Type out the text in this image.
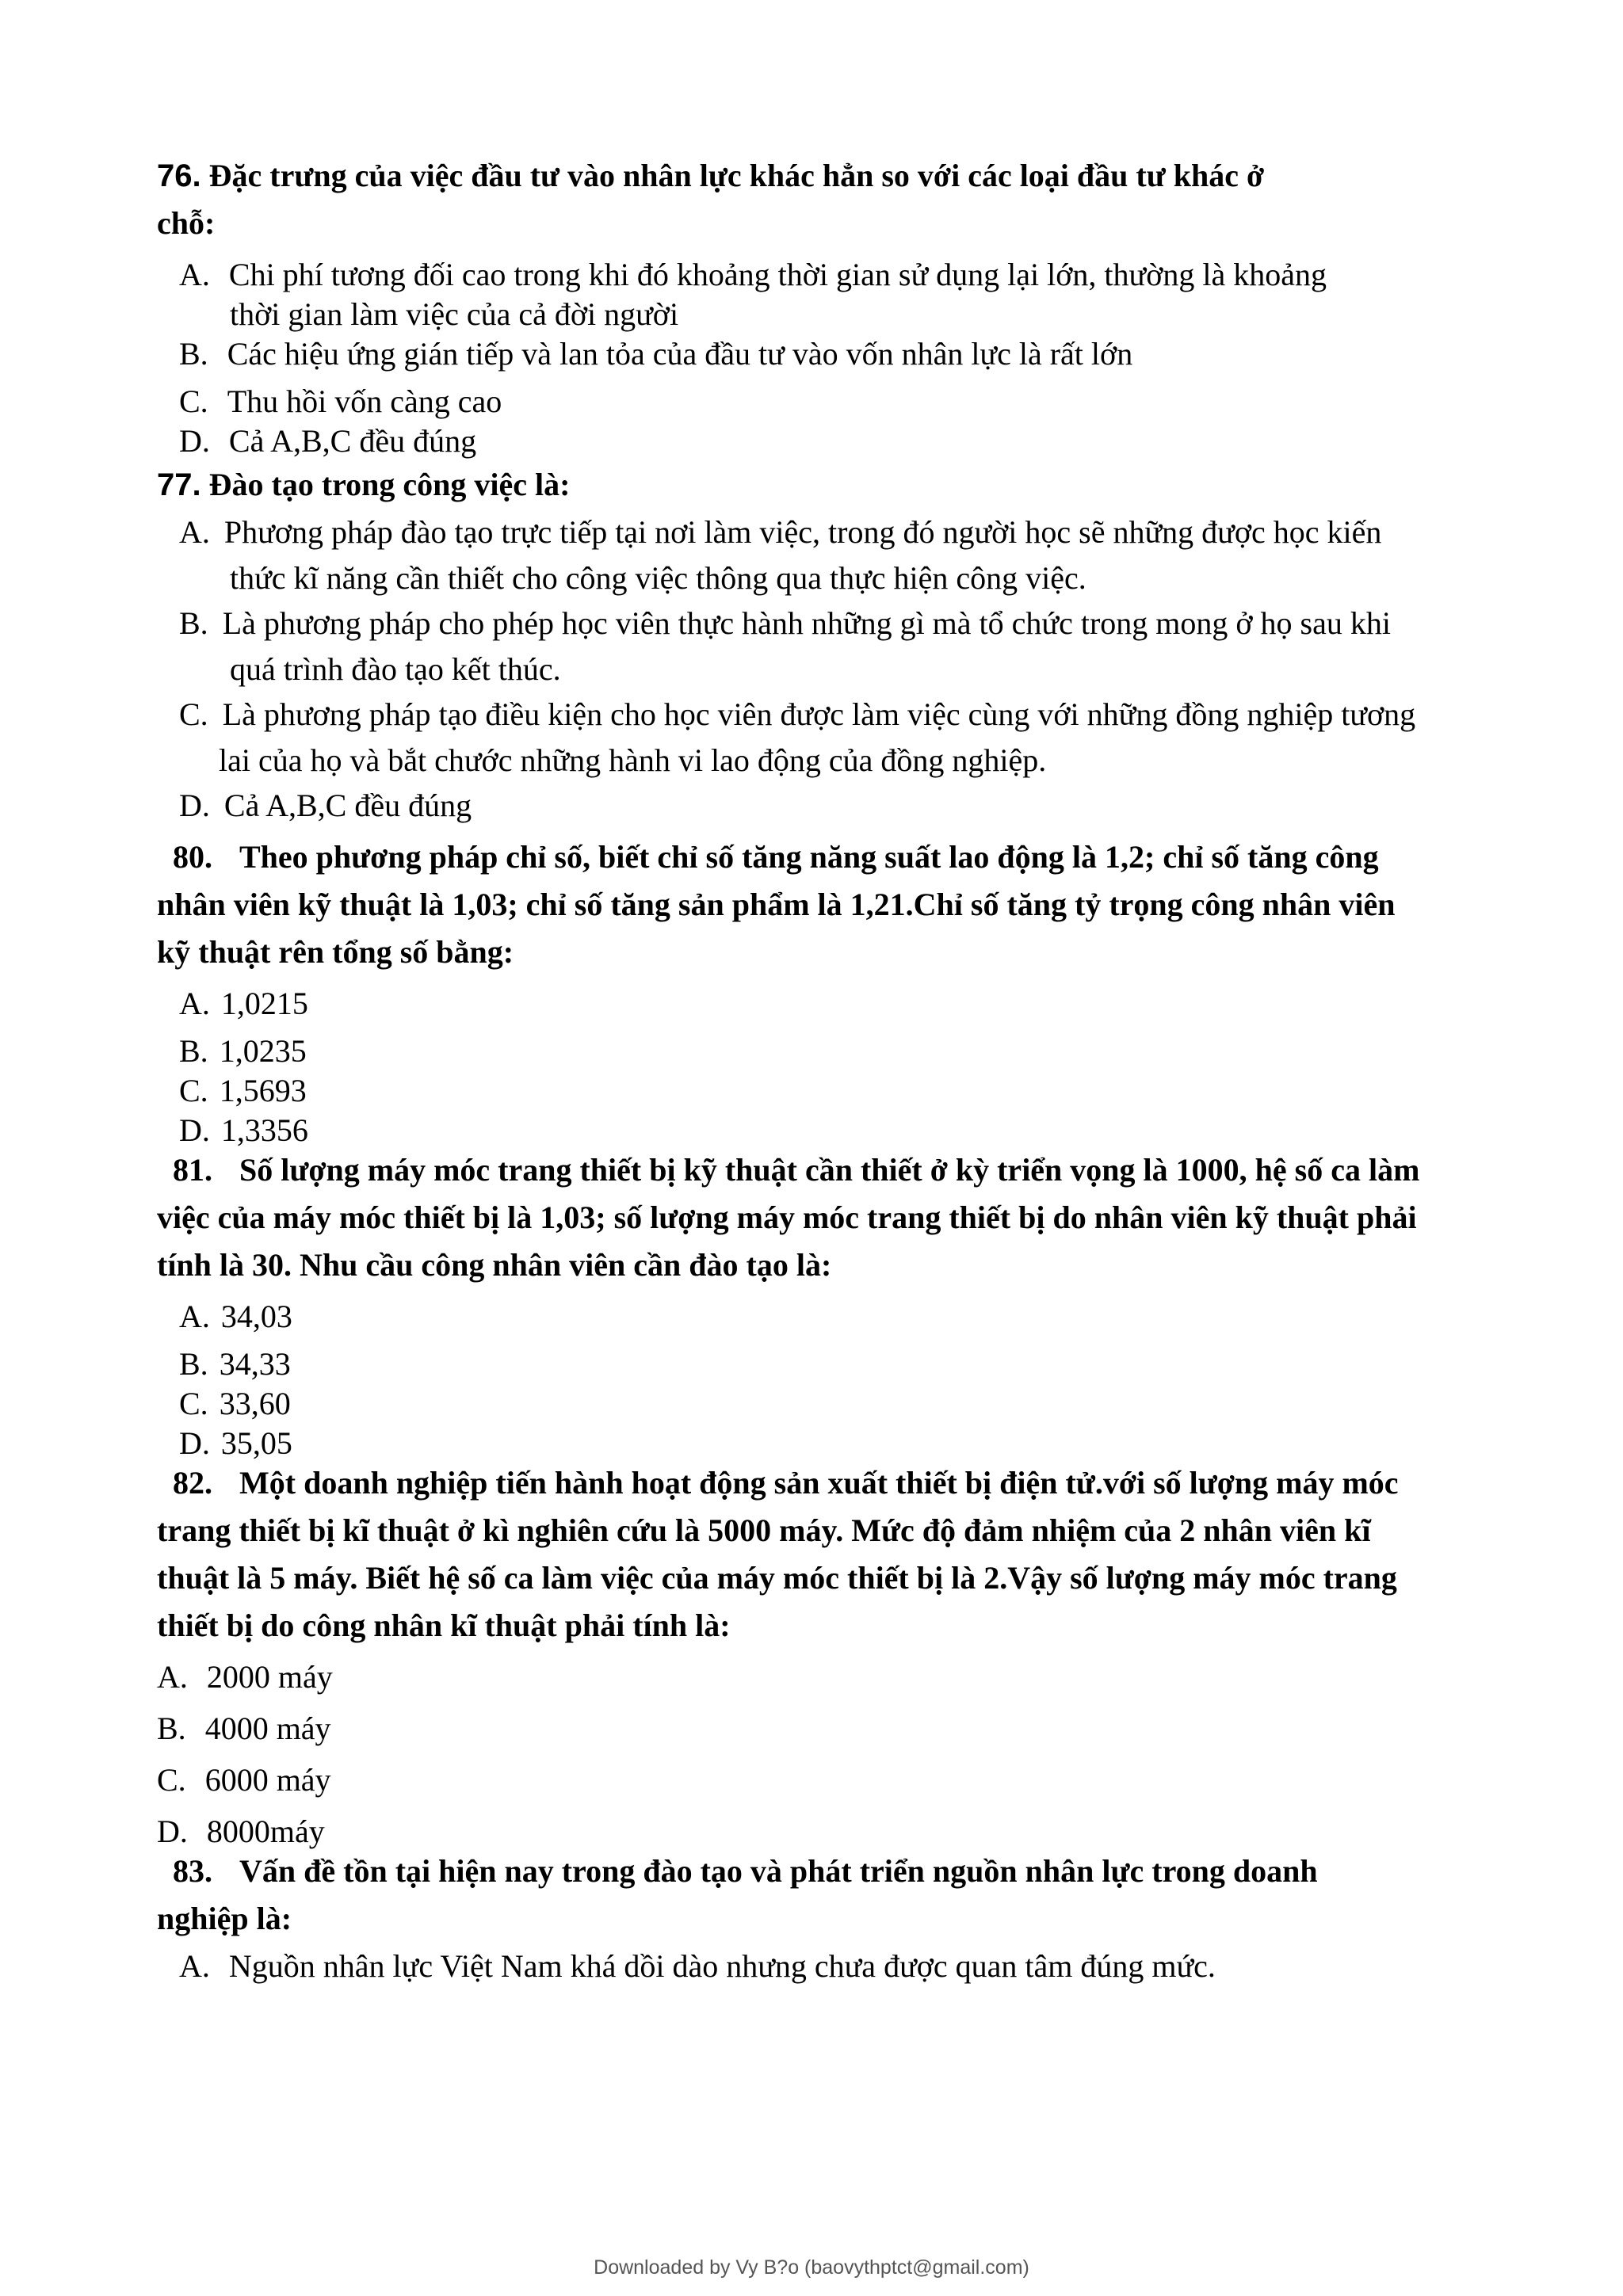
76. Đặc trưng của việc đầu tư vào nhân lực khác hẳn so với các loại đầu tư khác ở
chỗ:
A. Chi phí tương đối cao trong khi đó khoảng thời gian sử dụng lại lớn, thường là khoảng
thời gian làm việc của cả đời người
B. Các hiệu ứng gián tiếp và lan tỏa của đầu tư vào vốn nhân lực là rất lớn
C. Thu hồi vốn càng cao
D. Cả A,B,C đều đúng
77. Đào tạo trong công việc là:
A. Phương pháp đào tạo trực tiếp tại nơi làm việc, trong đó người học sẽ những được học kiến
thức kĩ năng cần thiết cho công việc thông qua thực hiện công việc.
B. Là phương pháp cho phép học viên thực hành những gì mà tổ chức trong mong ở họ sau khi
quá trình đào tạo kết thúc.
C. Là phương pháp tạo điều kiện cho học viên được làm việc cùng với những đồng nghiệp tương
lai của họ và bắt chước những hành vi lao động của đồng nghiệp.
D. Cả A,B,C đều đúng
80. Theo phương pháp chỉ số, biết chỉ số tăng năng suất lao động là 1,2; chỉ số tăng công
nhân viên kỹ thuật là 1,03; chỉ số tăng sản phẩm là 1,21.Chỉ số tăng tỷ trọng công nhân viên
kỹ thuật rên tổng số bằng:
A. 1,0215
B. 1,0235
C. 1,5693
D. 1,3356
81. Số lượng máy móc trang thiết bị kỹ thuật cần thiết ở kỳ triển vọng là 1000, hệ số ca làm
việc của máy móc thiết bị là 1,03; số lượng máy móc trang thiết bị do nhân viên kỹ thuật phải
tính là 30. Nhu cầu công nhân viên cần đào tạo là:
A. 34,03
B. 34,33
C. 33,60
D. 35,05
82. Một doanh nghiệp tiến hành hoạt động sản xuất thiết bị điện tử.với số lượng máy móc
trang thiết bị kĩ thuật ở kì nghiên cứu là 5000 máy. Mức độ đảm nhiệm của 2 nhân viên kĩ
thuật là 5 máy. Biết hệ số ca làm việc của máy móc thiết bị là 2.Vậy số lượng máy móc trang
thiết bị do công nhân kĩ thuật phải tính là:
A. 2000 máy
B. 4000 máy
C. 6000 máy
D. 8000máy
83. Vấn đề tồn tại hiện nay trong đào tạo và phát triển nguồn nhân lực trong doanh
nghiệp là:
A. Nguồn nhân lực Việt Nam khá dồi dào nhưng chưa được quan tâm đúng mức.
Downloaded by Vy B?o (baovythptct@gmail.com)
